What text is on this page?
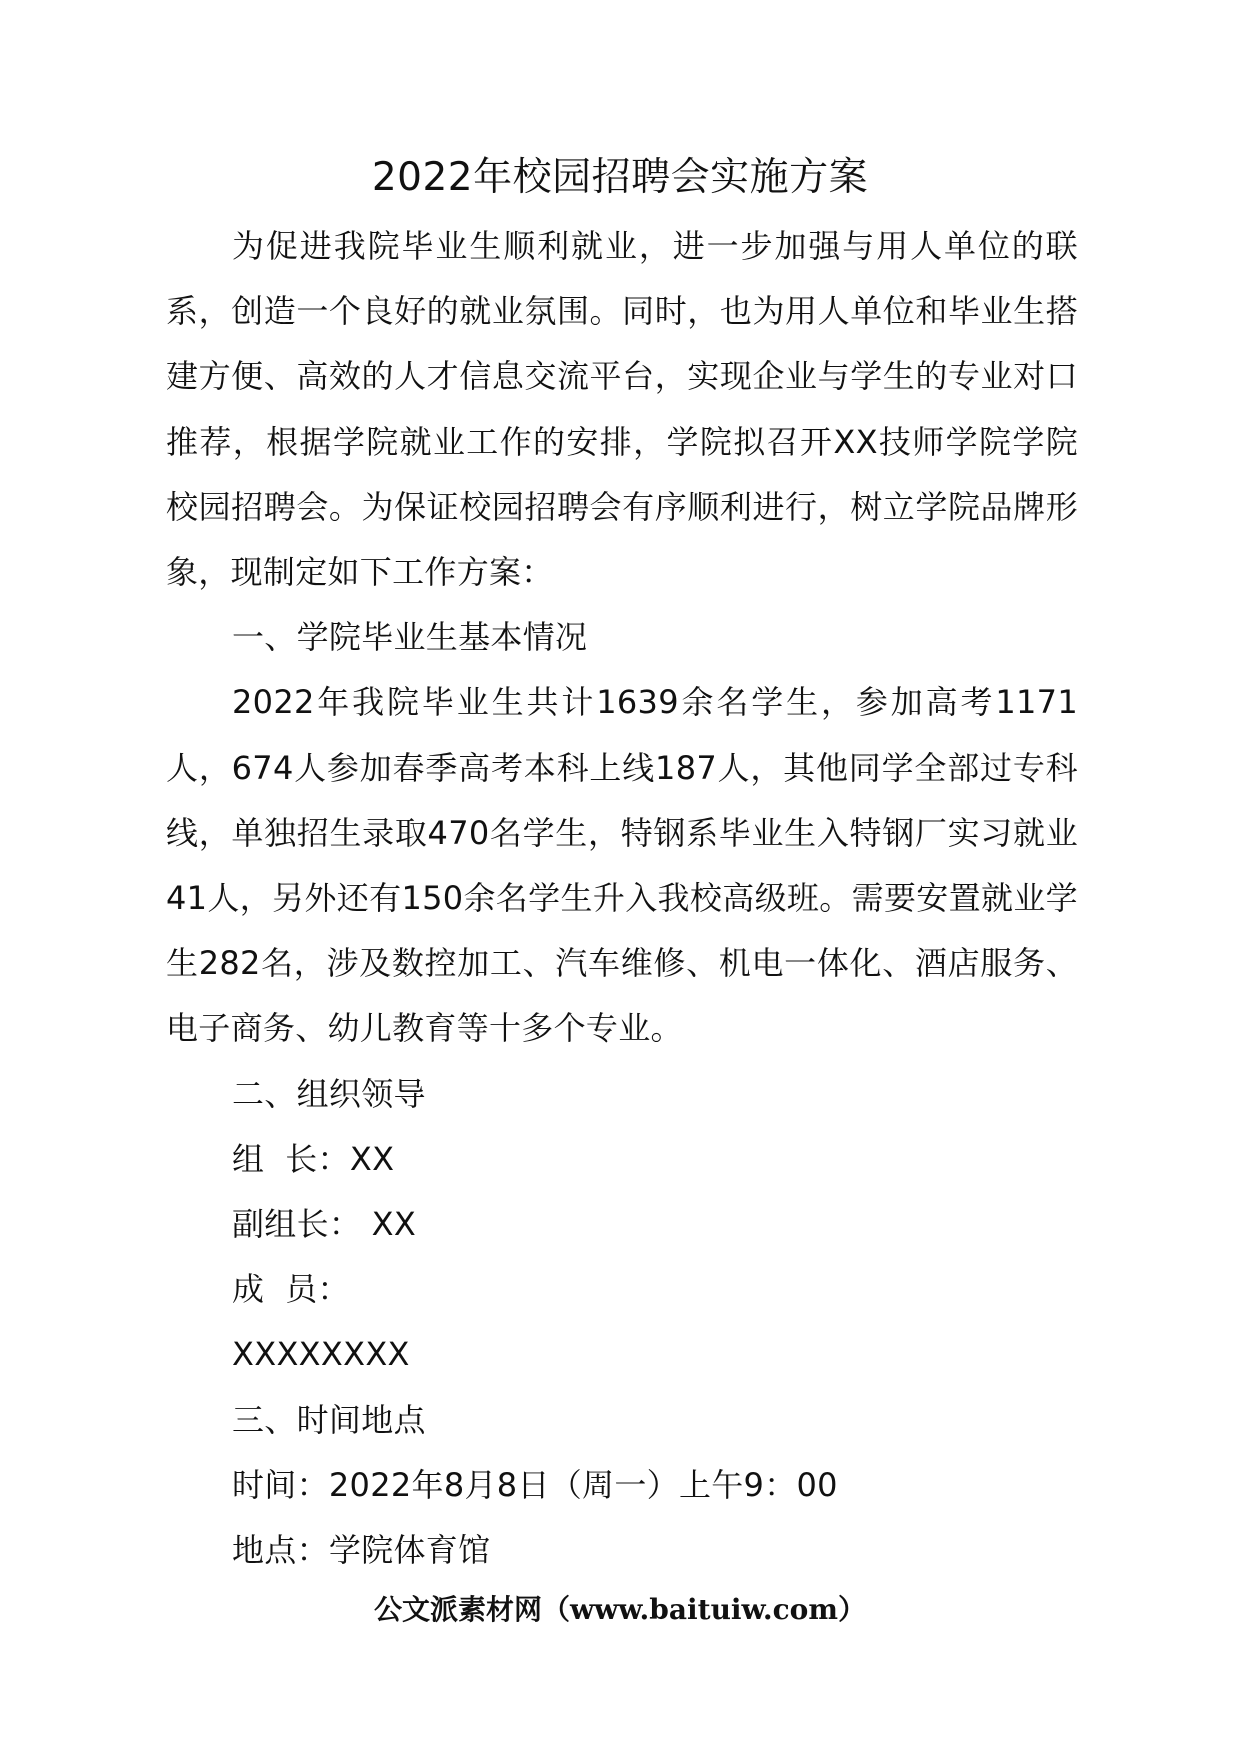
2022年校园招聘会实施方案

为促进我院毕业生顺利就业，进一步加强与用人单位的联系，创造一个良好的就业氛围。同时，也为用人单位和毕业生搭建方便、高效的人才信息交流平台，实现企业与学生的专业对口推荐，根据学院就业工作的安排，学院拟召开XX技师学院学院校园招聘会。为保证校园招聘会有序顺利进行，树立学院品牌形象，现制定如下工作方案：

一、学院毕业生基本情况

2022年我院毕业生共计1639余名学生，参加高考1171人，674人参加春季高考本科上线187人，其他同学全部过专科线，单独招生录取470名学生，特钢系毕业生入特钢厂实习就业41人，另外还有150余名学生升入我校高级班。需要安置就业学生282名，涉及数控加工、汽车维修、机电一体化、酒店服务、电子商务、幼儿教育等十多个专业。

二、组织领导

组  长：XX

副组长： XX

成  员：

XXXXXXXX

三、时间地点

时间：2022年8月8日（周一）上午9：00

地点：学院体育馆

公文派素材网（www.baituiw.com）
